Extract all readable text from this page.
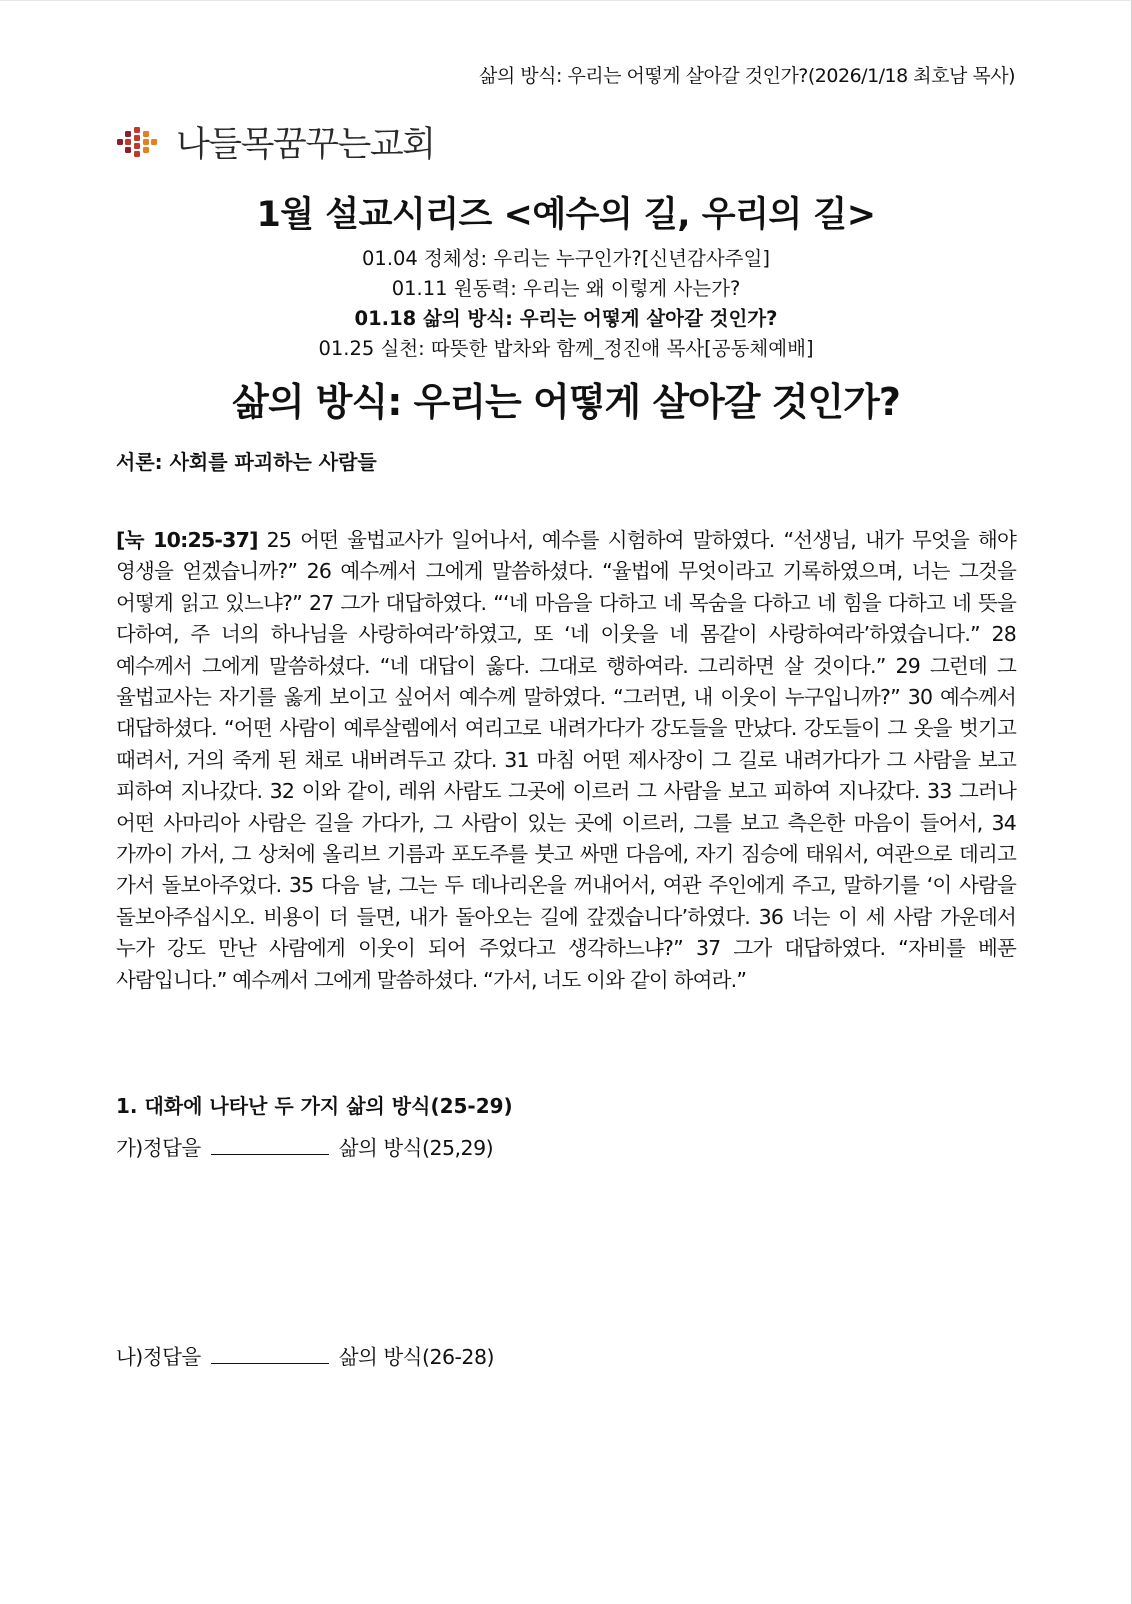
삶의 방식: 우리는 어떻게 살아갈 것인가?(2026/1/18 최호남 목사)
나들목꿈꾸는교회
1월 설교시리즈 <예수의 길, 우리의 길>
01.04 정체성: 우리는 누구인가?[신년감사주일]
01.11 원동력: 우리는 왜 이렇게 사는가?
01.18 삶의 방식: 우리는 어떻게 살아갈 것인가?
01.25 실천: 따뜻한 밥차와 함께_정진애 목사[공동체예배]
삶의 방식: 우리는 어떻게 살아갈 것인가?
서론: 사회를 파괴하는 사람들
[눅 10:25-37] 25 어떤 율법교사가 일어나서, 예수를 시험하여 말하였다. “선생님, 내가 무엇을 해야 영생을 얻겠습니까?” 26 예수께서 그에게 말씀하셨다. “율법에 무엇이라고 기록하였으며, 너는 그것을 어떻게 읽고 있느냐?” 27 그가 대답하였다. “‘네 마음을 다하고 네 목숨을 다하고 네 힘을 다하고 네 뜻을 다하여, 주 너의 하나님을 사랑하여라’하였고, 또 ‘네 이웃을 네 몸같이 사랑하여라’하였습니다.” 28 예수께서 그에게 말씀하셨다. “네 대답이 옳다. 그대로 행하여라. 그리하면 살 것이다.” 29 그런데 그 율법교사는 자기를 옳게 보이고 싶어서 예수께 말하였다. “그러면, 내 이웃이 누구입니까?” 30 예수께서 대답하셨다. “어떤 사람이 예루살렘에서 여리고로 내려가다가 강도들을 만났다. 강도들이 그 옷을 벗기고 때려서, 거의 죽게 된 채로 내버려두고 갔다. 31 마침 어떤 제사장이 그 길로 내려가다가 그 사람을 보고 피하여 지나갔다. 32 이와 같이, 레위 사람도 그곳에 이르러 그 사람을 보고 피하여 지나갔다. 33 그러나 어떤 사마리아 사람은 길을 가다가, 그 사람이 있는 곳에 이르러, 그를 보고 측은한 마음이 들어서, 34 가까이 가서, 그 상처에 올리브 기름과 포도주를 붓고 싸맨 다음에, 자기 짐승에 태워서, 여관으로 데리고 가서 돌보아주었다. 35 다음 날, 그는 두 데나리온을 꺼내어서, 여관 주인에게 주고, 말하기를 ‘이 사람을 돌보아주십시오. 비용이 더 들면, 내가 돌아오는 길에 갚겠습니다’하였다. 36 너는 이 세 사람 가운데서 누가 강도 만난 사람에게 이웃이 되어 주었다고 생각하느냐?” 37 그가 대답하였다. “자비를 베푼 사람입니다.” 예수께서 그에게 말씀하셨다. “가서, 너도 이와 같이 하여라.”
1. 대화에 나타난 두 가지 삶의 방식(25-29)
가)정답을	삶의 방식(25,29)
나)정답을	삶의 방식(26-28)
